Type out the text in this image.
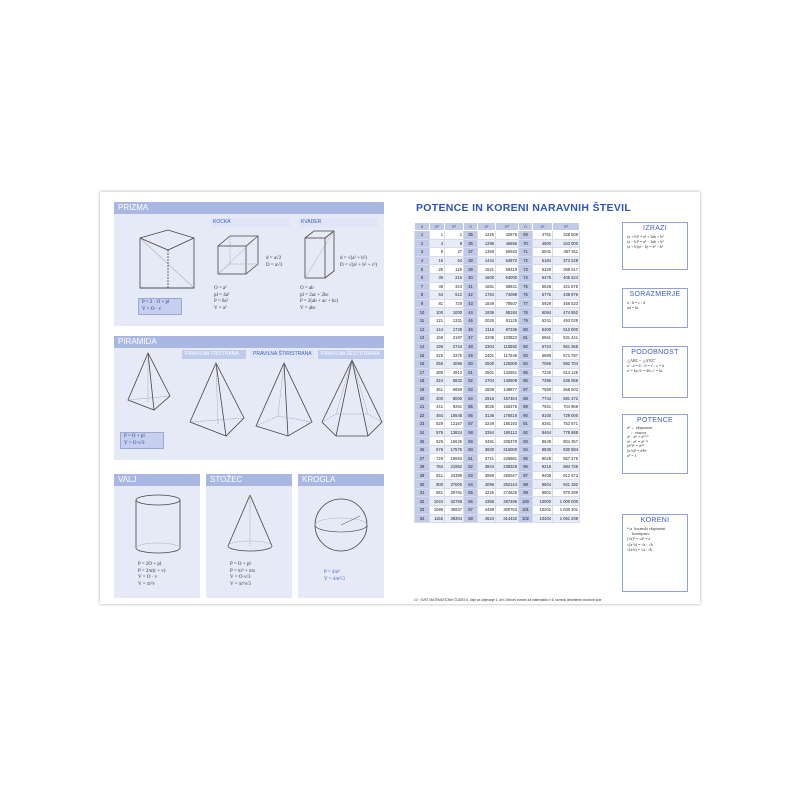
PRIZMA
P = 2 · O + pl
V = O · v
KOCKA
d = a√2
D = a√3
O = a²
pl = 4a²
P = 6a²
V = a³
KVADER
d = √(a² + b²)
D = √(a² + b² + c²)
O = ab
pl = 2ac + 2bc
P = 2(ab + ac + bc)
V = abc
PIRAMIDA
P = O + pl
V = O·v/3
PRAVILNA TRISTRANA	PRAVILNA ŠTIRISTRANA	PRAVILNA ŠESTSTRANA
VALJ
P = 2O + pl
P = 2πr(r + v)
V = O · v
V = πr²v
STOŽEC
P = O + pl
P = πr² + πrs
V = O·v/3
V = πr²v/3
KROGLA
P = 4πr²
V = 4πr³/3
POTENCE IN KORENI NARAVNIH ŠTEVIL
n	n²	n³	n	n²	n³	n	n²	n³
1	1	1	35	1225	42875	69	4761	328 509
2	4	8	36	1296	46656	70	4900	343 000
3	9	27	37	1369	50653	71	5041	357 911
4	16	64	38	1444	54872	72	5184	373 248
5	25	125	39	1521	59319	73	5329	389 017
6	36	216	40	1600	64000	74	5476	405 224
7	49	343	41	1681	68921	75	5625	421 875
8	64	512	42	1764	74088	76	5776	438 976
9	81	729	43	1849	79507	77	5929	456 533
10	100	1000	44	1936	85184	78	6084	474 552
11	121	1331	45	2025	91125	79	6241	493 039
12	144	1728	46	2116	97336	80	6400	512 000
13	169	2197	47	2209	103823	81	6561	531 441
14	196	2744	48	2304	110592	82	6724	551 368
15	225	3375	49	2401	117649	83	6889	571 787
16	256	4096	50	2500	125000	84	7056	592 704
17	289	4913	51	2601	132651	85	7225	614 125
18	324	5832	52	2704	140608	86	7396	636 056
19	361	6859	53	2809	148877	87	7569	658 503
20	400	8000	54	2916	157464	88	7744	681 472
21	441	9261	55	3025	166375	89	7921	704 969
22	484	10648	56	3136	175616	90	8100	729 000
23	529	12167	57	3249	185193	91	8281	753 571
24	576	13824	58	3364	195112	92	8464	778 688
25	625	15625	59	3481	205379	93	8649	804 357
26	676	17576	60	3600	216000	94	8836	830 584
27	729	19683	61	3721	226981	95	9025	857 375
28	784	21952	62	3844	238328	96	9216	884 736
29	841	24389	63	3969	250047	97	9409	912 673
30	900	27000	64	4096	262144	98	9604	941 192
31	961	29791	65	4225	274625	99	9801	970 299
32	1024	32768	66	4356	287496	100	10000	1 000 000
33	1089	35937	67	4489	300763	101	10201	1 030 301
34	1156	39304	68	4624	314432	102	10404	1 061 208
10 · SVET MATEMATIČNIH ČUDES 6, Vaje za utrjevanje 1. del, Delovni zvezek za matematiko v 6. razredu devetletne osnovne šole
IZRAZI
(a + b)² = a² + 2ab + b²
(a − b)² = a² − 2ab + b²
(a + b)(a − b) = a² − b²
SORAZMERJE
a : b = c : d
ad = bc
PODOBNOST
△ABC ~ △A'B'C'
a' : a = b' : b = c' : c = k
a' = ka, b' = kb, c' = kc
POTENCE
aⁿ ← eksponent
← osnova
aⁿ · aᵐ = aⁿ⁺ᵐ
aⁿ : aᵐ = aⁿ⁻ᵐ
(aⁿ)ᵐ = aⁿᵐ
(a·b)ⁿ = aⁿbⁿ
a⁰ = 1
KORENI
ⁿ√a  korenski eksponent
korenjenec
(√a)² = √a² = a
√(a·b) = √a · √b
√(a:b) = √a : √b
